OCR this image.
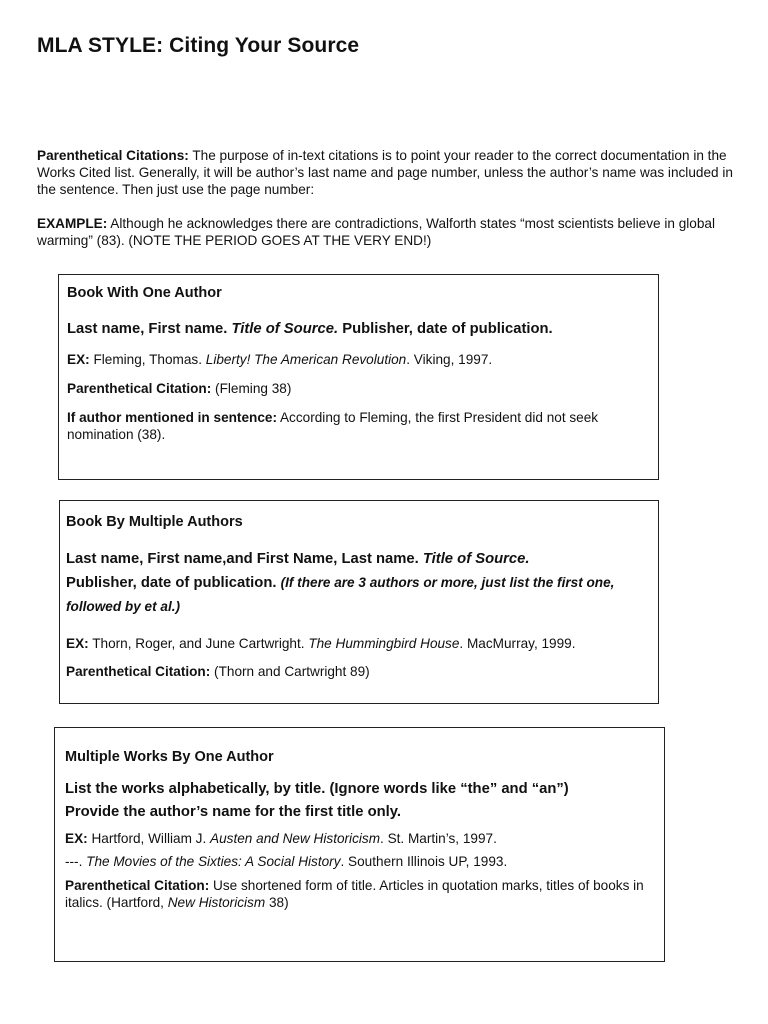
MLA STYLE: Citing Your Source

Parenthetical Citations: The purpose of in-text citations is to point your reader to the correct documentation in the Works Cited list. Generally, it will be author’s last name and page number, unless the author’s name was included in the sentence. Then just use the page number:

EXAMPLE: Although he acknowledges there are contradictions, Walforth states “most scientists believe in global warming” (83). (NOTE THE PERIOD GOES AT THE VERY END!)

Book With One Author

Last name, First name. Title of Source. Publisher, date of publication.

EX: Fleming, Thomas. Liberty! The American Revolution. Viking, 1997.

Parenthetical Citation: (Fleming 38)

If author mentioned in sentence: According to Fleming, the first President did not seek nomination (38).

Book By Multiple Authors

Last name, First name,and First Name, Last name. Title of Source.
Publisher, date of publication. (If there are 3 authors or more, just list the first one, followed by et al.)

EX: Thorn, Roger, and June Cartwright. The Hummingbird House. MacMurray, 1999.

Parenthetical Citation: (Thorn and Cartwright 89)

Multiple Works By One Author

List the works alphabetically, by title. (Ignore words like “the” and “an”)
Provide the author’s name for the first title only.

EX: Hartford, William J. Austen and New Historicism. St. Martin’s, 1997.

---. The Movies of the Sixties: A Social History. Southern Illinois UP, 1993.

Parenthetical Citation: Use shortened form of title. Articles in quotation marks, titles of books in italics. (Hartford, New Historicism 38)
